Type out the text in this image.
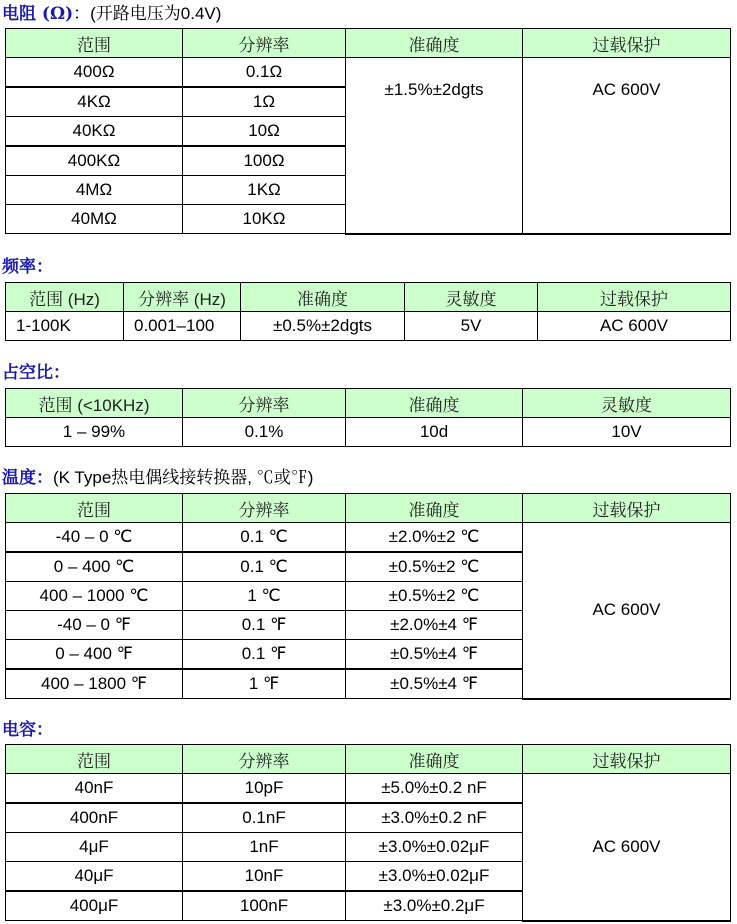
电阻 (Ω)：(开路电压为0.4V)
范围	分辨率	准确度	过载保护
400Ω	0.1Ω	±1.5%±2dgts	AC 600V
4KΩ	1Ω		
40KΩ	10Ω		
400KΩ	100Ω		
4MΩ	1KΩ		
40MΩ	10KΩ		
频率：
范围 (Hz)	分辨率 (Hz)	准确度	灵敏度	过载保护
1-100K	0.001–100	±0.5%±2dgts	5V	AC 600V
占空比：
范围 (<10KHz)	分辨率	准确度	灵敏度
1 – 99%	0.1%	10d	10V
温度：(K Type热电偶线接转换器, ℃或℉)
范围	分辨率	准确度	过载保护
-40 – 0 ℃	0.1 ℃	±2.0%±2 ℃	AC 600V
0 – 400 ℃	0.1 ℃	±0.5%±2 ℃	
400 – 1000 ℃	1 ℃	±0.5%±2 ℃	
-40 – 0 ℉	0.1 ℉	±2.0%±4 ℉	
0 – 400 ℉	0.1 ℉	±0.5%±4 ℉	
400 – 1800 ℉	1 ℉	±0.5%±4 ℉	
电容：
范围	分辨率	准确度	过载保护
40nF	10pF	±5.0%±0.2 nF	AC 600V
400nF	0.1nF	±3.0%±0.2 nF	
4μF	1nF	±3.0%±0.02μF	
40μF	10nF	±3.0%±0.02μF	
400μF	100nF	±3.0%±0.2μF	
